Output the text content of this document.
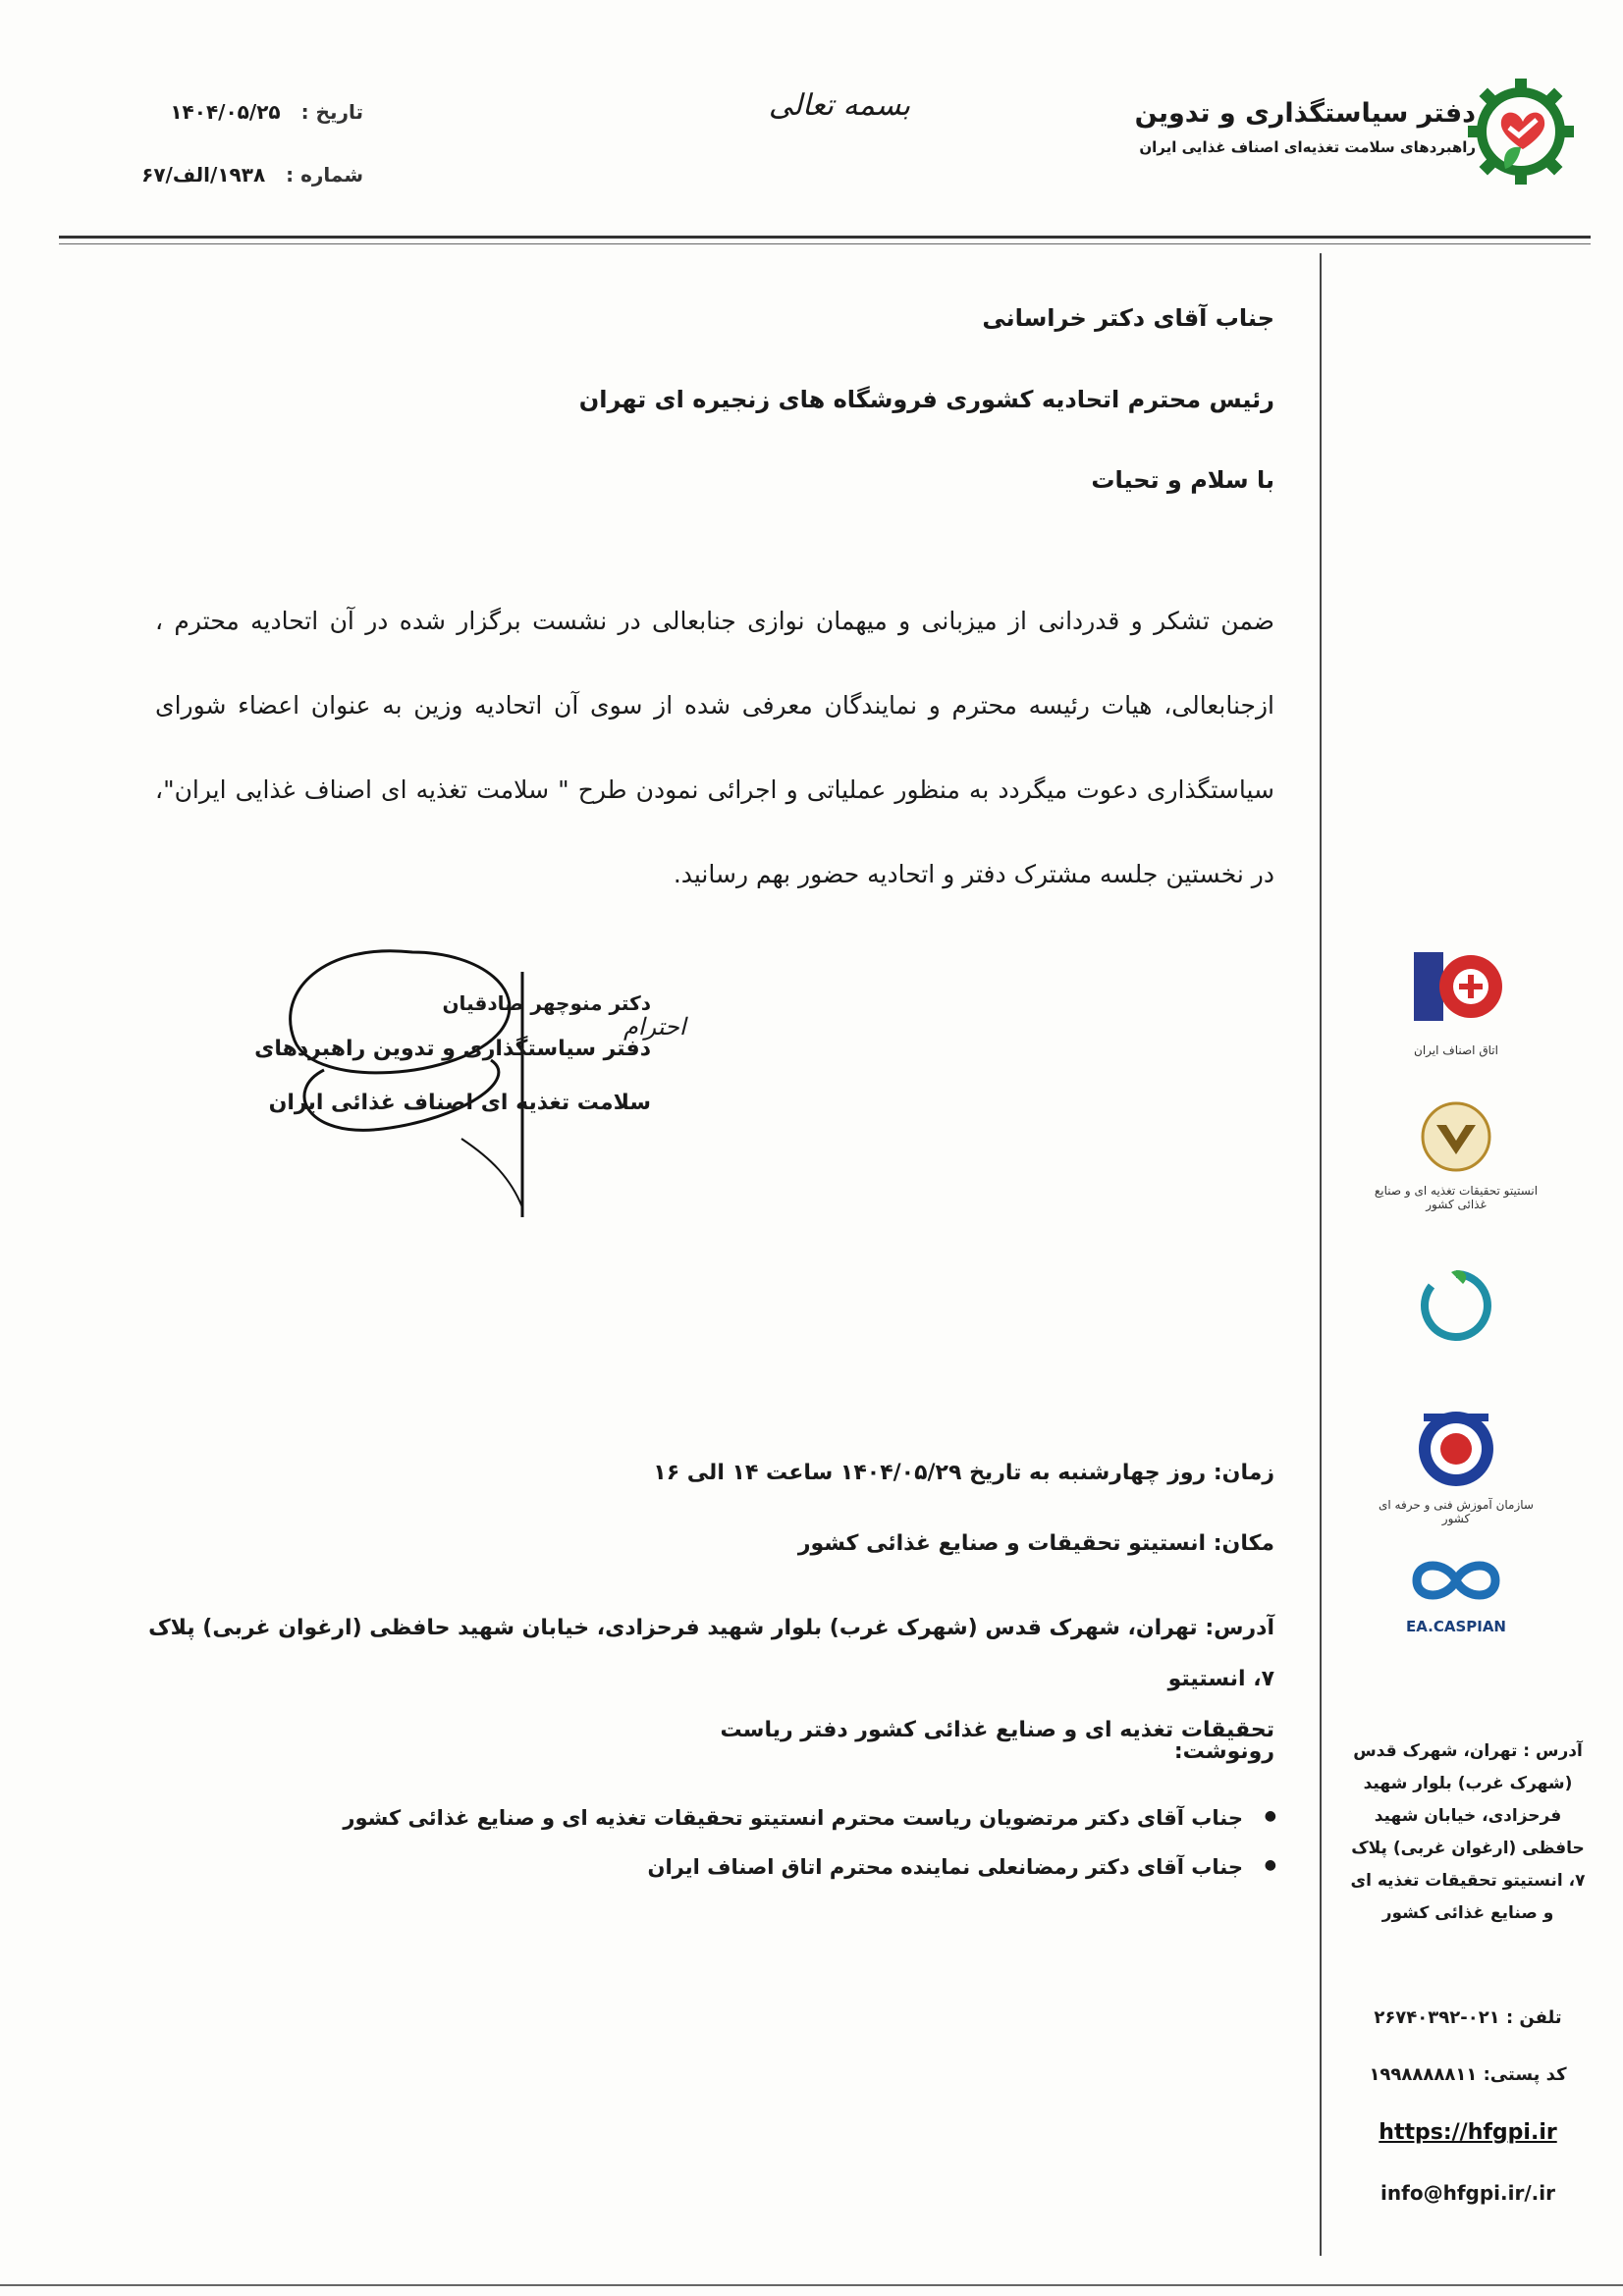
دفتر سیاستگذاری و تدوین
راهبردهای سلامت تغذیه‌ای اصناف غذایی ایران
بسمه تعالی
تاریخ : ۱۴۰۴/۰۵/۲۵
شماره : ۱۹۳۸/الف/۶۷
جناب آقای دکتر خراسانی
رئیس محترم اتحادیه کشوری فروشگاه های زنجیره ای تهران
با سلام و تحیات
ضمن تشکر و قدردانی از میزبانی و میهمان نوازی جنابعالی در نشست برگزار شده در آن اتحادیه محترم ، ازجنابعالی، هیات رئیسه محترم و نمایندگان معرفی شده از سوی آن اتحادیه وزین به عنوان اعضاء شورای سیاستگذاری دعوت میگردد به منظور عملیاتی و اجرائی نمودن طرح " سلامت تغذیه ای اصناف غذایی ایران"، در نخستین جلسه مشترک دفتر و اتحادیه حضور بهم رسانید.
احترام
دکتر منوچهر صادقیان
دفتر سیاستگذاری و تدوین راهبردهای
سلامت تغذیه ای اصناف غذائی ایران
زمان: روز چهارشنبه به تاریخ ۱۴۰۴/۰۵/۲۹ ساعت ۱۴ الی ۱۶
مکان: انستیتو تحقیقات و صنایع غذائی کشور
آدرس: تهران، شهرک قدس (شهرک غرب) بلوار شهید فرحزادی، خیابان شهید حافظی (ارغوان غربی) پلاک ۷، انستیتو
تحقیقات تغذیه ای و صنایع غذائی کشور دفتر ریاست
رونوشت:
● جناب آقای دکتر مرتضویان ریاست محترم انستیتو تحقیقات تغذیه ای و صنایع غذائی کشور
● جناب آقای دکتر رمضانعلی نماینده محترم اتاق اصناف ایران
اتاق اصناف ایران
انستیتو تحقیقات تغذیه ای و صنایع غذائی کشور
سازمان آموزش فنی و حرفه ای کشور
EA.CASPIAN
آدرس : تهران، شهرک قدس (شهرک غرب) بلوار شهید فرحزادی، خیابان شهید حافظی (ارغوان غربی) پلاک ۷، انستیتو تحقیقات تغذیه ای و صنایع غذائی کشور
تلفن : ۰۲۱-۲۶۷۴۰۳۹۲
کد پستی: ۱۹۹۸۸۸۸۸۱۱
https://hfgpi.ir
info@hfgpi.ir/.ir
